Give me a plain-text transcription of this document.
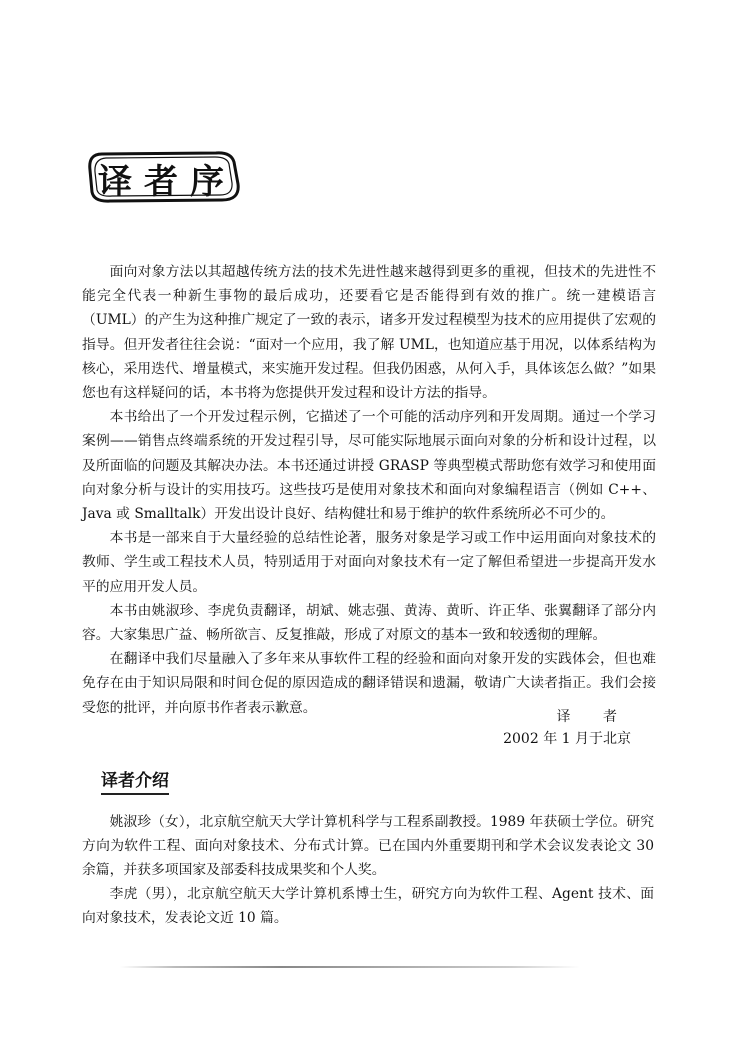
译者序

面向对象方法以其超越传统方法的技术先进性越来越得到更多的重视，但技术的先进性不能完全代表一种新生事物的最后成功，还要看它是否能得到有效的推广。统一建模语言（UML）的产生为这种推广规定了一致的表示，诸多开发过程模型为技术的应用提供了宏观的指导。但开发者往往会说：“面对一个应用，我了解 UML，也知道应基于用况，以体系结构为核心，采用迭代、增量模式，来实施开发过程。但我仍困惑，从何入手，具体该怎么做？”如果您也有这样疑问的话，本书将为您提供开发过程和设计方法的指导。

本书给出了一个开发过程示例，它描述了一个可能的活动序列和开发周期。通过一个学习案例——销售点终端系统的开发过程引导，尽可能实际地展示面向对象的分析和设计过程，以及所面临的问题及其解决办法。本书还通过讲授 GRASP 等典型模式帮助您有效学习和使用面向对象分析与设计的实用技巧。这些技巧是使用对象技术和面向对象编程语言（例如 C++、Java 或 Smalltalk）开发出设计良好、结构健壮和易于维护的软件系统所必不可少的。

本书是一部来自于大量经验的总结性论著，服务对象是学习或工作中运用面向对象技术的教师、学生或工程技术人员，特别适用于对面向对象技术有一定了解但希望进一步提高开发水平的应用开发人员。

本书由姚淑珍、李虎负责翻译，胡斌、姚志强、黄涛、黄昕、许正华、张翼翻译了部分内容。大家集思广益、畅所欲言、反复推敲，形成了对原文的基本一致和较透彻的理解。

在翻译中我们尽量融入了多年来从事软件工程的经验和面向对象开发的实践体会，但也难免存在由于知识局限和时间仓促的原因造成的翻译错误和遗漏，敬请广大读者指正。我们会接受您的批评，并向原书作者表示歉意。

译 者
2002 年 1 月于北京
译者介绍

姚淑珍（女），北京航空航天大学计算机科学与工程系副教授。1989 年获硕士学位。研究方向为软件工程、面向对象技术、分布式计算。已在国内外重要期刊和学术会议发表论文 30 余篇，并获多项国家及部委科技成果奖和个人奖。

李虎（男），北京航空航天大学计算机系博士生，研究方向为软件工程、Agent 技术、面向对象技术，发表论文近 10 篇。
